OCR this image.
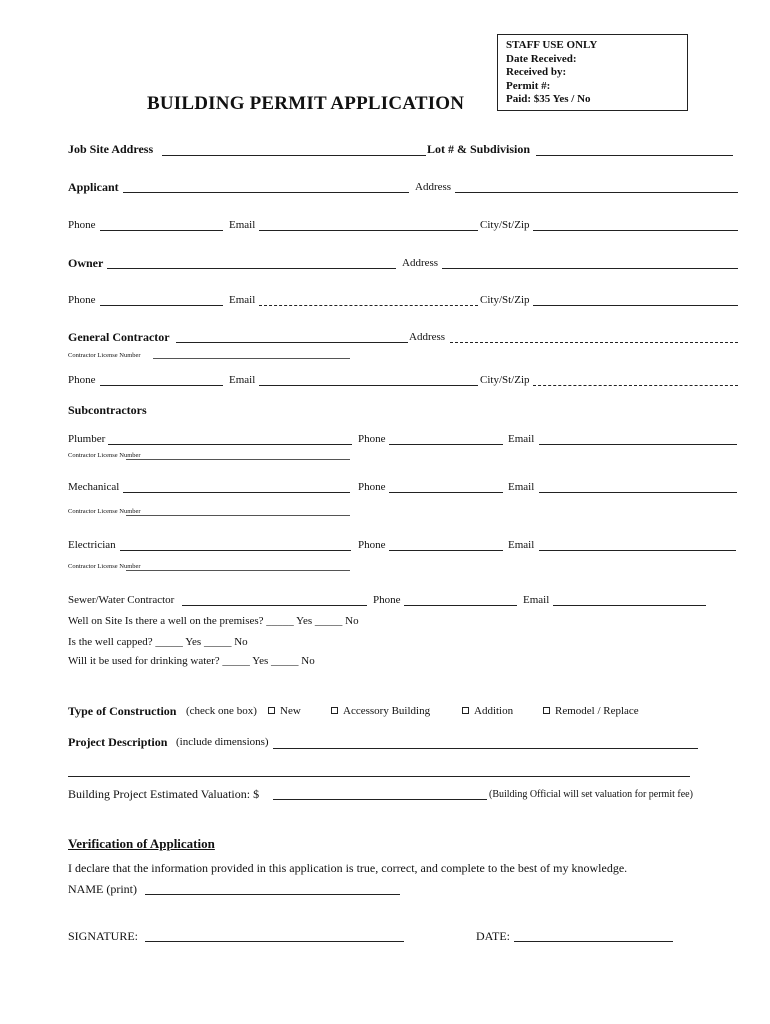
STAFF USE ONLY
Date Received:
Received by:
Permit #:
Paid: $35 Yes / No
BUILDING PERMIT APPLICATION
Job Site Address	Lot # & Subdivision
Applicant	Address
Phone	Email	City/St/Zip
Owner	Address
Phone	Email	City/St/Zip
General Contractor	Address
Contractor License Number
Phone	Email	City/St/Zip
Subcontractors
Plumber	Phone	Email
Contractor License Number
Mechanical	Phone	Email
Contractor License Number
Electrician	Phone	Email
Contractor License Number
Sewer/Water Contractor	Phone	Email
Well on Site Is there a well on the premises? _____ Yes _____ No
Is the well capped? _____ Yes _____ No
Will it be used for drinking water? _____ Yes _____ No
Type of Construction (check one box) New	Accessory Building	Addition	Remodel / Replace
Project Description (include dimensions)
Building Project Estimated Valuation: $	(Building Official will set valuation for permit fee)
Verification of Application
I declare that the information provided in this application is true, correct, and complete to the best of my knowledge.
NAME (print)
SIGNATURE:	DATE:
